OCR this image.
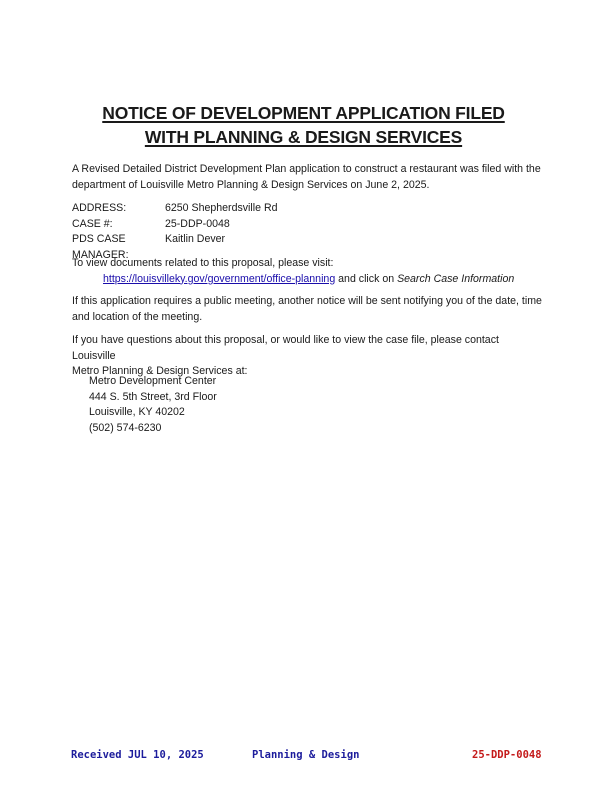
NOTICE OF DEVELOPMENT APPLICATION FILED
WITH PLANNING & DESIGN SERVICES
A Revised Detailed District Development Plan application to construct a restaurant was filed with the
department of Louisville Metro Planning & Design Services on June 2, 2025.
ADDRESS:	6250 Shepherdsville Rd
CASE #:	25-DDP-0048
PDS CASE MANAGER:
Kaitlin Dever
To view documents related to this proposal, please visit:
https://louisvilleky.gov/government/office-planning and click on Search Case Information
If this application requires a public meeting, another notice will be sent notifying you of the date, time
and location of the meeting.
If you have questions about this proposal, or would like to view the case file, please contact Louisville
Metro Planning & Design Services at:
Metro Development Center
444 S. 5th Street, 3rd Floor
Louisville, KY 40202
(502) 574-6230
Received JUL 10, 2025	Planning & Design	25-DDP-0048
